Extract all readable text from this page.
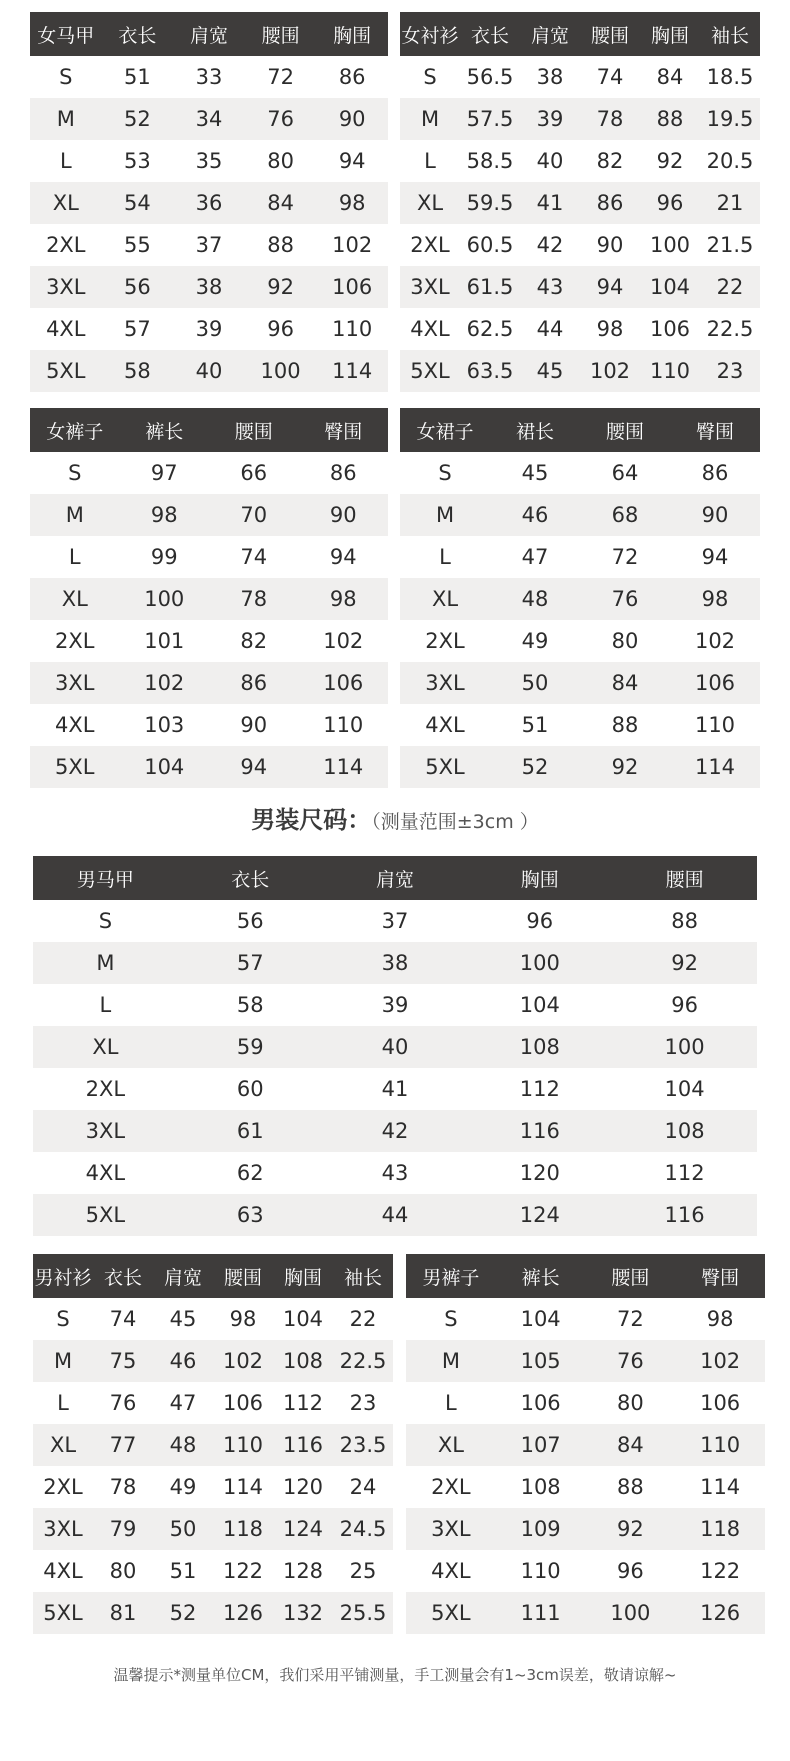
女马甲	衣长	肩宽	腰围	胸围
S	51	33	72	86
M	52	34	76	90
L	53	35	80	94
XL	54	36	84	98
2XL	55	37	88	102
3XL	56	38	92	106
4XL	57	39	96	110
5XL	58	40	100	114
女衬衫	衣长	肩宽	腰围	胸围	袖长
S	56.5	38	74	84	18.5
M	57.5	39	78	88	19.5
L	58.5	40	82	92	20.5
XL	59.5	41	86	96	21
2XL	60.5	42	90	100	21.5
3XL	61.5	43	94	104	22
4XL	62.5	44	98	106	22.5
5XL	63.5	45	102	110	23
女裤子	裤长	腰围	臀围
S	97	66	86
M	98	70	90
L	99	74	94
XL	100	78	98
2XL	101	82	102
3XL	102	86	106
4XL	103	90	110
5XL	104	94	114
女裙子	裙长	腰围	臀围
S	45	64	86
M	46	68	90
L	47	72	94
XL	48	76	98
2XL	49	80	102
3XL	50	84	106
4XL	51	88	110
5XL	52	92	114
男装尺码：（测量范围±3cm ）
男马甲	衣长	肩宽	胸围	腰围
S	56	37	96	88
M	57	38	100	92
L	58	39	104	96
XL	59	40	108	100
2XL	60	41	112	104
3XL	61	42	116	108
4XL	62	43	120	112
5XL	63	44	124	116
男衬衫	衣长	肩宽	腰围	胸围	袖长
S	74	45	98	104	22
M	75	46	102	108	22.5
L	76	47	106	112	23
XL	77	48	110	116	23.5
2XL	78	49	114	120	24
3XL	79	50	118	124	24.5
4XL	80	51	122	128	25
5XL	81	52	126	132	25.5
男裤子	裤长	腰围	臀围
S	104	72	98
M	105	76	102
L	106	80	106
XL	107	84	110
2XL	108	88	114
3XL	109	92	118
4XL	110	96	122
5XL	111	100	126
温馨提示*测量单位CM，我们采用平铺测量，手工测量会有1~3cm误差，敬请谅解~
